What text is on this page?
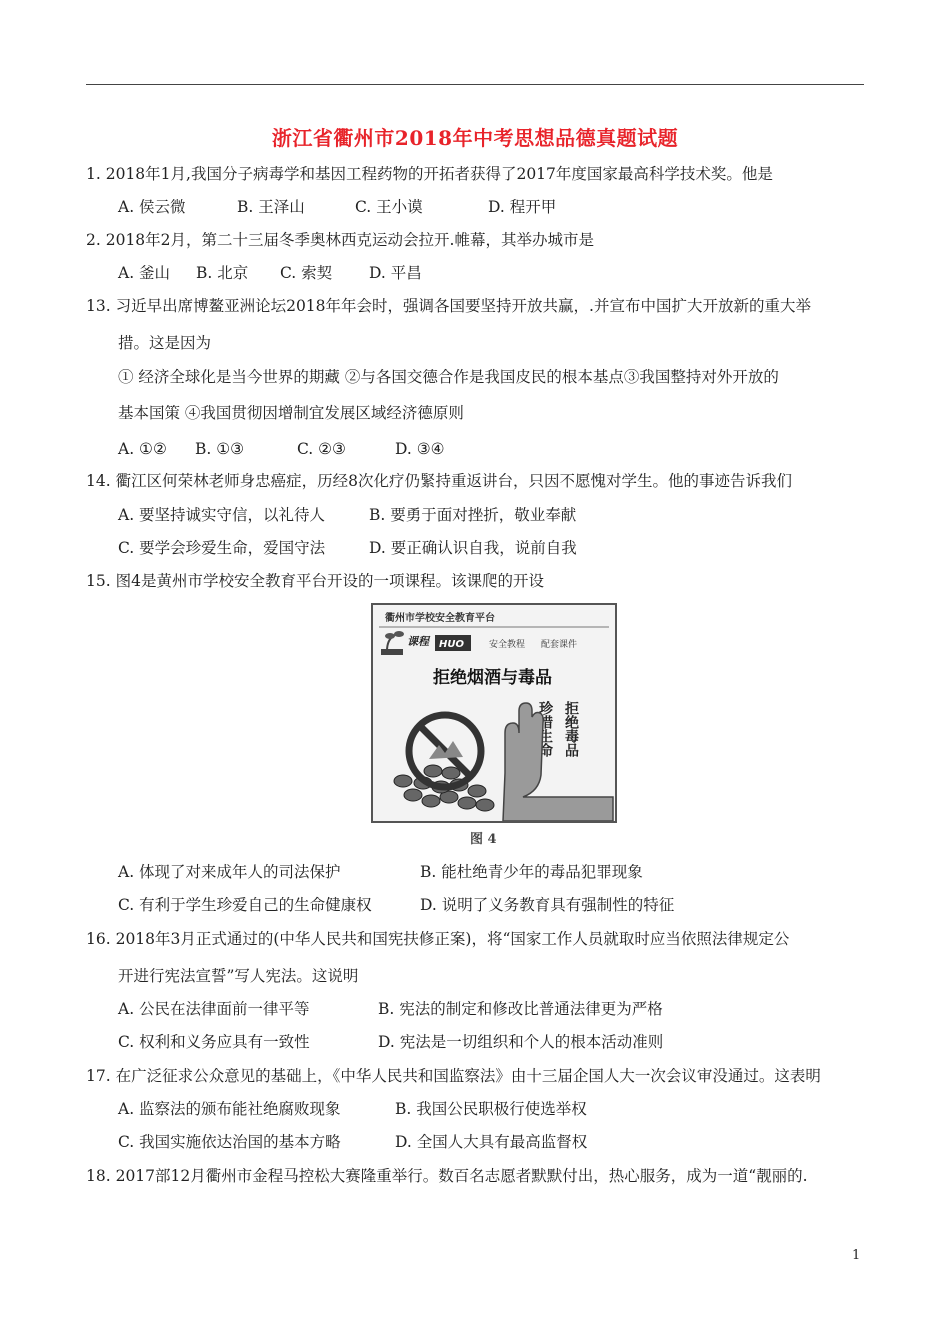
浙江省衢州市2018年中考思想品德真题试题
1. 2018年1月,我国分子病毒学和基因工程药物的开拓者获得了2017年度国家最高科学技术奖。他是
A. 侯云微	B. 王泽山	C. 王小谟	D. 程开甲
2. 2018年2月，第二十三届冬季奥林西克运动会拉开.帷幕，其举办城市是
A. 釜山 B. 北京 C. 索契 D. 平昌
13. 习近早出席博鳌亚洲论坛2018年年会时，强调各国要坚持开放共赢，.并宣布中国扩大开放新的重大举
措。这是因为
① 经济全球化是当今世界的期藏 ②与各国交德合作是我国皮民的根本基点③我国整持对外开放的
基本国策 ④我国贯彻因增制宜发展区域经济德原则
A. ①② B. ①③	C. ②③	D. ③④
14. 衢江区何荣林老师身忠癌症，历经8次化疗仍緊持重返讲台，只因不愿愧对学生。他的事迹告诉我们
A. 要坚持诚实守信，以礼待人	B. 要勇于面对挫折，敬业奉献
C. 要学会珍爱生命，爱国守法	D. 要正确认识自我，说前自我
15. 图4是黄州市学校安全教育平台开设的一项课程。该课爬的开设
衢州市学校安全教育平台
课程 HUO	安全教程 配套课件
拒绝烟酒与毒品
珍惜生命 拒绝毒品
图 4
A. 体现了对来成年人的司法保护	B. 能杜绝青少年的毒品犯罪现象
C. 有利于学生珍爱自己的生命健康权	D. 说明了义务教育具有强制性的特征
16. 2018年3月正式通过的(中华人民共和国宪扶修正案)，将“国家工作人员就取时应当依照法律规定公
开进行宪法宣誓”写人宪法。这说明
A. 公民在法律面前一律平等	B. 宪法的制定和修改比普通法律更为严格
C. 权利和义务应具有一致性	D. 宪法是一切组织和个人的根本活动准则
17. 在广泛征求公众意见的基础上，《中华人民共和国监察法》由十三届企国人大一次会议审没通过。这表明
A. 监察法的颁布能社绝腐败现象	B. 我国公民职极行使选举权
C. 我国实施依达治国的基本方略	D. 全国人大具有最高监督权
18. 2017部12月衢州市金程马控松大赛隆重举行。数百名志愿者默默付出，热心服务，成为一道“靓丽的.
1
